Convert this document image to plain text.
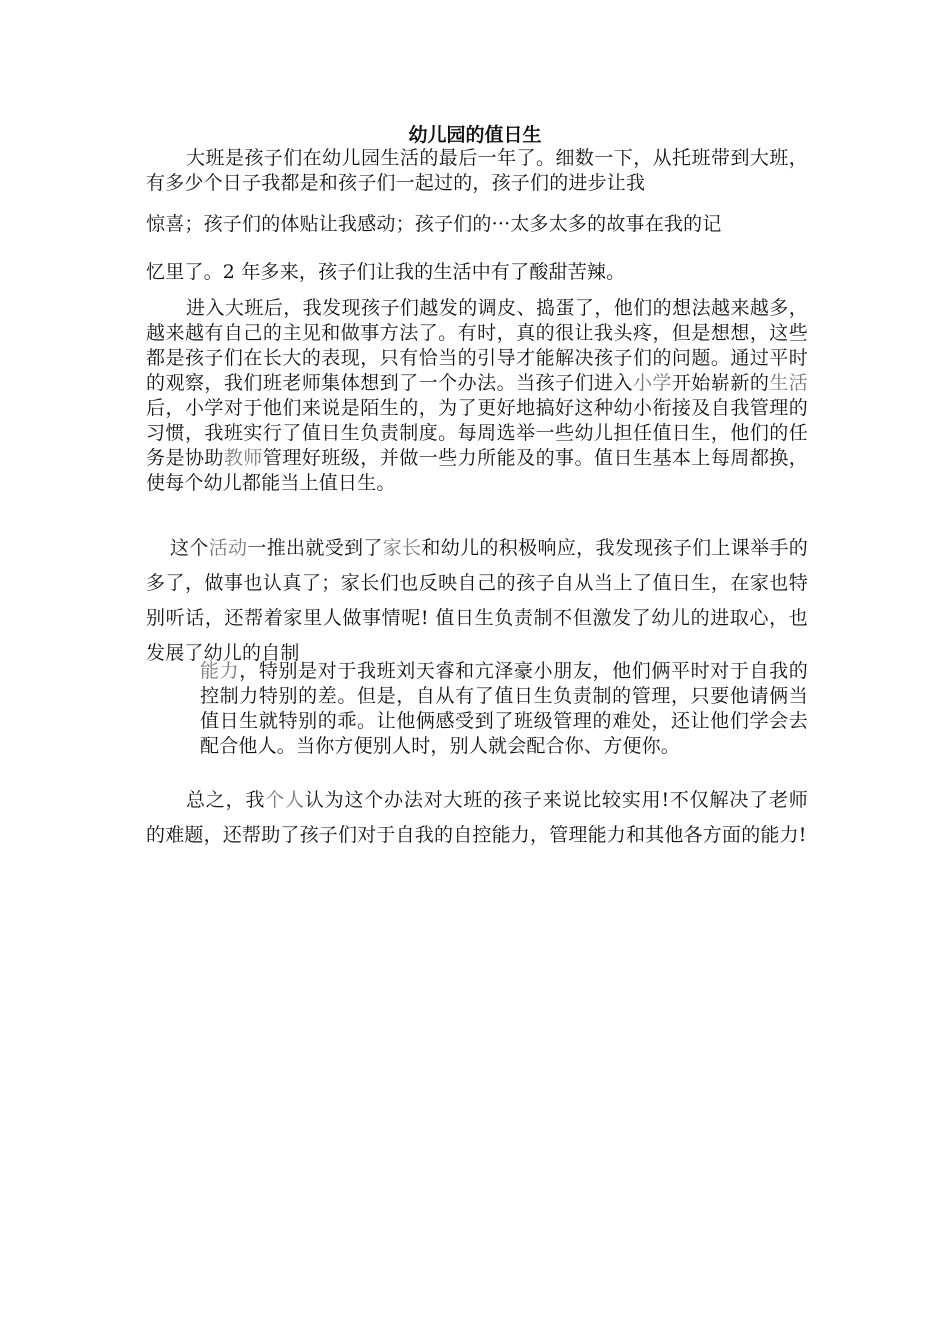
幼儿园的值日生

大班是孩子们在幼儿园生活的最后一年了。细数一下，从托班带到大班，有多少个日子我都是和孩子们一起过的，孩子们的进步让我

惊喜；孩子们的体贴让我感动；孩子们的···太多太多的故事在我的记

忆里了。2 年多来，孩子们让我的生活中有了酸甜苦辣。

进入大班后，我发现孩子们越发的调皮、捣蛋了，他们的想法越来越多，越来越有自己的主见和做事方法了。有时，真的很让我头疼，但是想想，这些都是孩子们在长大的表现，只有恰当的引导才能解决孩子们的问题。通过平时的观察，我们班老师集体想到了一个办法。当孩子们进入小学开始崭新的生活后，小学对于他们来说是陌生的，为了更好地搞好这种幼小衔接及自我管理的习惯，我班实行了值日生负责制度。每周选举一些幼儿担任值日生，他们的任务是协助教师管理好班级，并做一些力所能及的事。值日生基本上每周都换，使每个幼儿都能当上值日生。

这个活动一推出就受到了家长和幼儿的积极响应，我发现孩子们上课举手的多了，做事也认真了；家长们也反映自己的孩子自从当上了值日生，在家也特别听话，还帮着家里人做事情呢! 值日生负责制不但激发了幼儿的进取心，也发展了幼儿的自制

能力，特别是对于我班刘天睿和亢泽豪小朋友，他们俩平时对于自我的控制力特别的差。但是，自从有了值日生负责制的管理，只要他请俩当值日生就特别的乖。让他俩感受到了班级管理的难处，还让他们学会去配合他人。当你方便别人时，别人就会配合你、方便你。

总之，我个人认为这个办法对大班的孩子来说比较实用!不仅解决了老师的难题，还帮助了孩子们对于自我的自控能力，管理能力和其他各方面的能力!
